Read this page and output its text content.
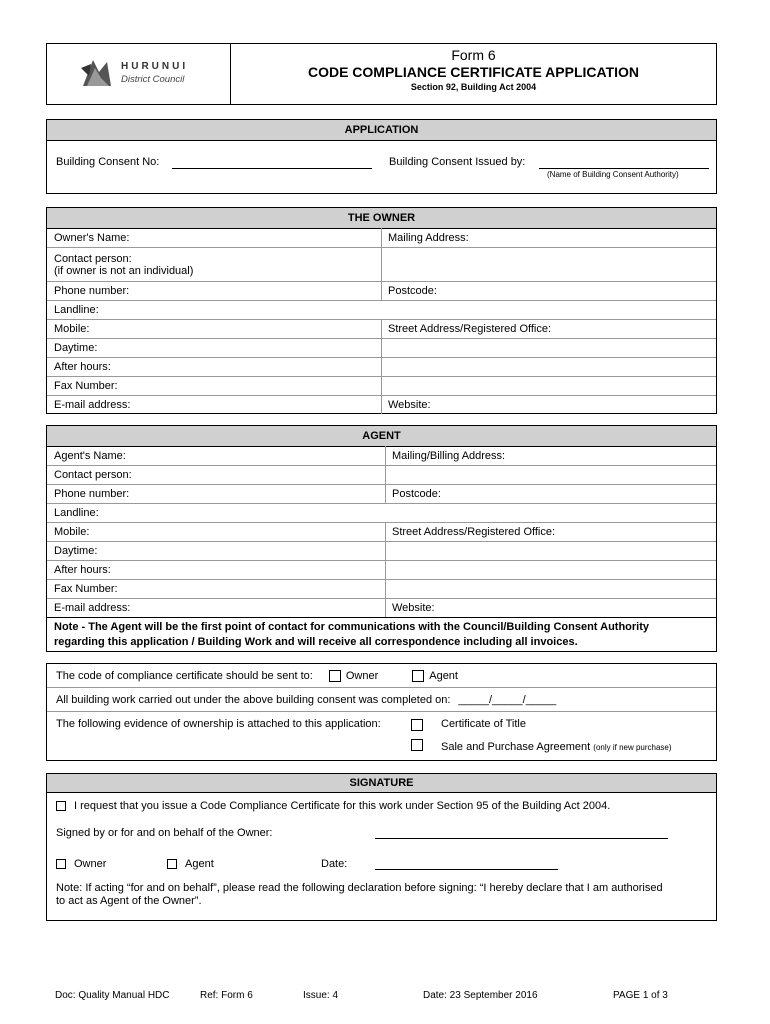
HURUNUI
District Council
Form 6
CODE COMPLIANCE CERTIFICATE APPLICATION
Section 92, Building Act 2004
APPLICATION
Building Consent No:	Building Consent Issued by:
(Name of Building Consent Authority)
THE OWNER
Owner's Name:	Mailing Address:
Contact person:
(if owner is not an individual)
Phone number:	Postcode:
Landline:
Mobile:	Street Address/Registered Office:
Daytime:
After hours:
Fax Number:
E-mail address:	Website:
AGENT
Agent's Name:	Mailing/Billing Address:
Contact person:
Phone number:	Postcode:
Landline:
Mobile:	Street Address/Registered Office:
Daytime:
After hours:
Fax Number:
E-mail address:	Website:
Note - The Agent will be the first point of contact for communications with the Council/Building Consent Authority
regarding this application / Building Work and will receive all correspondence including all invoices.
The code of compliance certificate should be sent to:	Owner	Agent
All building work carried out under the above building consent was completed on: _____/_____/_____
The following evidence of ownership is attached to this application:	Certificate of Title
Sale and Purchase Agreement (only if new purchase)
SIGNATURE
I request that you issue a Code Compliance Certificate for this work under Section 95 of the Building Act 2004.
Signed by or for and on behalf of the Owner:
Owner	Agent	Date:
Note: If acting “for and on behalf”, please read the following declaration before signing: “I hereby declare that I am authorised
to act as Agent of the Owner”.
Doc: Quality Manual HDC	Ref: Form 6	Issue: 4	Date: 23 September 2016	PAGE 1 of 3
